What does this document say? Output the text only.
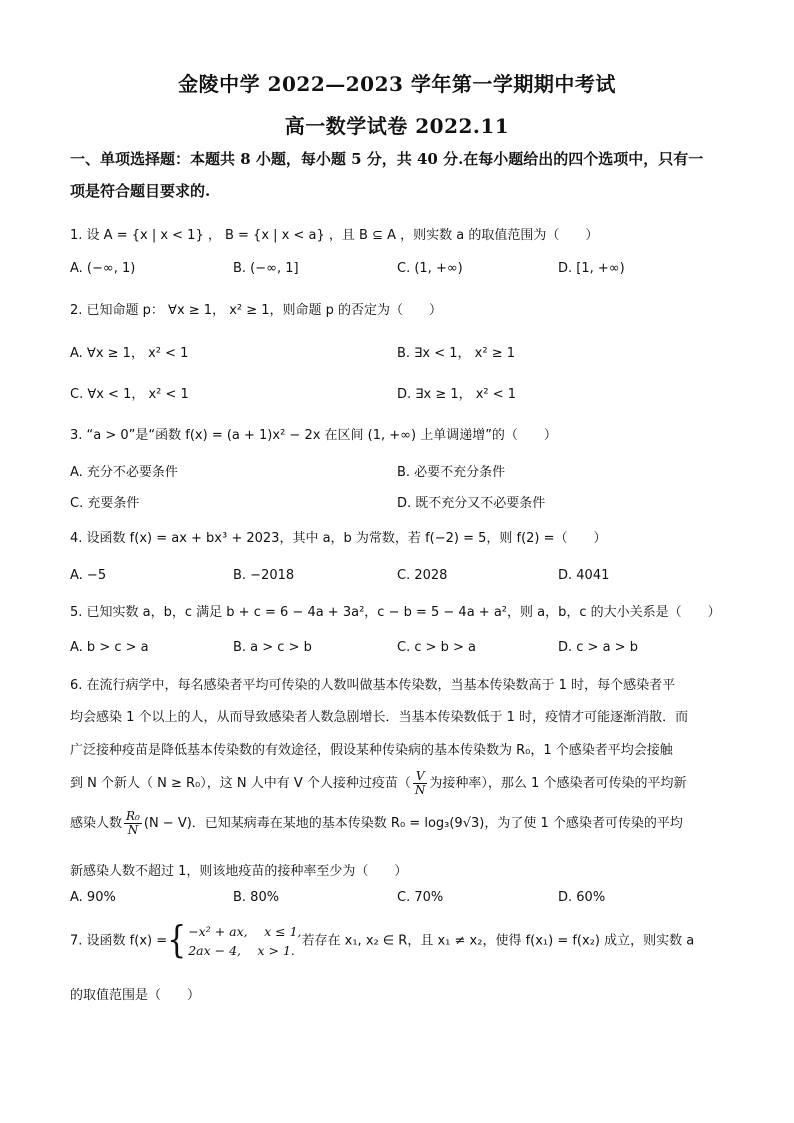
金陵中学 2022—2023 学年第一学期期中考试
高一数学试卷 2022.11
一、单项选择题：本题共 8 小题，每小题 5 分，共 40 分.在每小题给出的四个选项中，只有一
项是符合题目要求的.
1. 设 A = {x | x < 1} ， B = {x | x < a} ，且 B ⊆ A ，则实数 a 的取值范围为（　　）
A. (−∞, 1)	B. (−∞, 1]	C. (1, +∞)	D. [1, +∞)
2. 已知命题 p： ∀x ≥ 1， x² ≥ 1，则命题 p 的否定为（　　）
A. ∀x ≥ 1， x² < 1	B. ∃x < 1， x² ≥ 1
C. ∀x < 1， x² < 1	D. ∃x ≥ 1， x² < 1
3. “a > 0”是“函数 f(x) = (a + 1)x² − 2x 在区间 (1, +∞) 上单调递增”的（　　）
A. 充分不必要条件	B. 必要不充分条件
C. 充要条件	D. 既不充分又不必要条件
4. 设函数 f(x) = ax + bx³ + 2023，其中 a，b 为常数，若 f(−2) = 5，则 f(2) =（　　）
A. −5	B. −2018	C. 2028	D. 4041
5. 已知实数 a，b，c 满足 b + c = 6 − 4a + 3a²，c − b = 5 − 4a + a²，则 a，b，c 的大小关系是（　　）
A. b > c > a	B. a > c > b	C. c > b > a	D. c > a > b
6. 在流行病学中，每名感染者平均可传染的人数叫做基本传染数，当基本传染数高于 1 时，每个感染者平
均会感染 1 个以上的人，从而导致感染者人数急剧增长．当基本传染数低于 1 时，疫情才可能逐渐消散．而
广泛接种疫苗是降低基本传染数的有效途径，假设某种传染病的基本传染数为 R₀，1 个感染者平均会接触
到 N 个新人（ N ≥ R₀），这 N 人中有 V 个人接种过疫苗（ $\frac{V}{N}$ 为接种率），那么 1 个感染者可传染的平均新
感染人数 $\frac{\text{R₀}}{N} (N - V)$．已知某病毒在某地的基本传染数 R₀ = log₃(9√3)，为了使 1 个感染者可传染的平均
新感染人数不超过 1，则该地疫苗的接种率至少为（　　）
A. 90%	B. 80%	C. 70%	D. 60%
7. 设函数 f(x) ={ −x² + ax,　 x ≤ 1,
2ax − 4,　 x > 1.
若存在 x₁, x₂ ∈ R，且 x₁ ≠ x₂，使得 f(x₁) = f(x₂) 成立，则实数 a
的取值范围是（　　）
